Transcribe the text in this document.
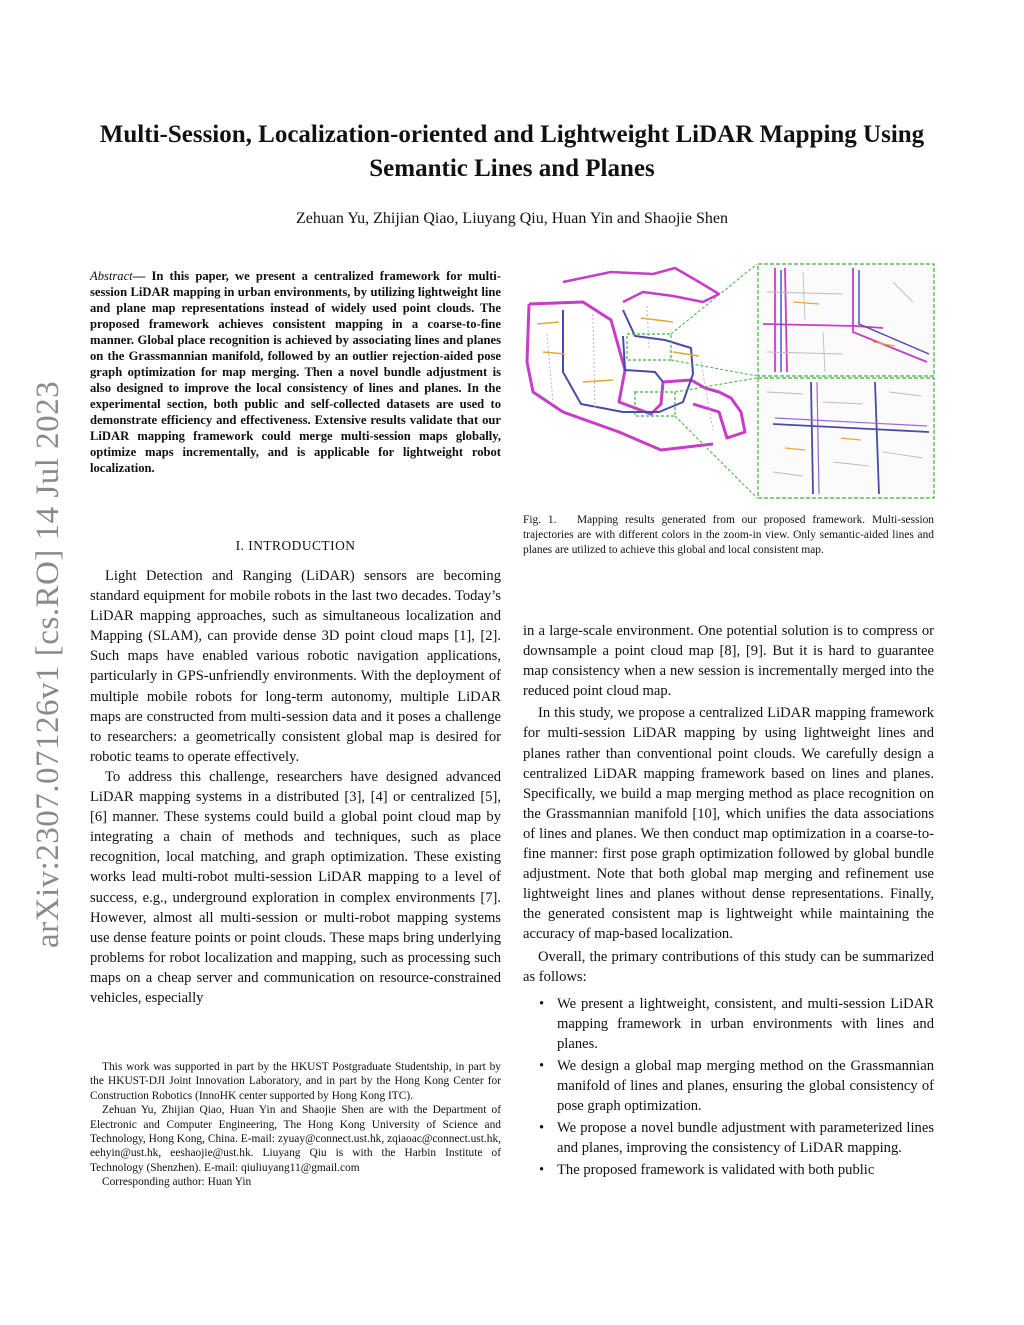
arXiv:2307.07126v1 [cs.RO] 14 Jul 2023
Multi-Session, Localization-oriented and Lightweight LiDAR Mapping Using Semantic Lines and Planes
Zehuan Yu, Zhijian Qiao, Liuyang Qiu, Huan Yin and Shaojie Shen

Abstract— In this paper, we present a centralized framework for multi-session LiDAR mapping in urban environments, by utilizing lightweight line and plane map representations instead of widely used point clouds. The proposed framework achieves consistent mapping in a coarse-to-fine manner. Global place recognition is achieved by associating lines and planes on the Grassmannian manifold, followed by an outlier rejection-aided pose graph optimization for map merging. Then a novel bundle adjustment is also designed to improve the local consistency of lines and planes. In the experimental section, both public and self-collected datasets are used to demonstrate efficiency and effectiveness. Extensive results validate that our LiDAR mapping framework could merge multi-session maps globally, optimize maps incrementally, and is applicable for lightweight robot localization.

I. INTRODUCTION

Light Detection and Ranging (LiDAR) sensors are becoming standard equipment for mobile robots in the last two decades. Today’s LiDAR mapping approaches, such as simultaneous localization and Mapping (SLAM), can provide dense 3D point cloud maps [1], [2]. Such maps have enabled various robotic navigation applications, particularly in GPS-unfriendly environments. With the deployment of multiple mobile robots for long-term autonomy, multiple LiDAR maps are constructed from multi-session data and it poses a challenge to researchers: a geometrically consistent global map is desired for robotic teams to operate effectively.

To address this challenge, researchers have designed advanced LiDAR mapping systems in a distributed [3], [4] or centralized [5], [6] manner. These systems could build a global point cloud map by integrating a chain of methods and techniques, such as place recognition, local matching, and graph optimization. These existing works lead multi-robot multi-session LiDAR mapping to a level of success, e.g., underground exploration in complex environments [7]. However, almost all multi-session or multi-robot mapping systems use dense feature points or point clouds. These maps bring underlying problems for robot localization and mapping, such as processing such maps on a cheap server and communication on resource-constrained vehicles, especially

This work was supported in part by the HKUST Postgraduate Studentship, in part by the HKUST-DJI Joint Innovation Laboratory, and in part by the Hong Kong Center for Construction Robotics (InnoHK center supported by Hong Kong ITC).

Zehuan Yu, Zhijian Qiao, Huan Yin and Shaojie Shen are with the Department of Electronic and Computer Engineering, The Hong Kong University of Science and Technology, Hong Kong, China. E-mail: zyuay@connect.ust.hk, zqiaoac@connect.ust.hk, eehyin@ust.hk, eeshaojie@ust.hk. Liuyang Qiu is with the Harbin Institute of Technology (Shenzhen). E-mail: qiuliuyang11@gmail.com

Corresponding author: Huan Yin

Fig. 1. Mapping results generated from our proposed framework. Multi-session trajectories are with different colors in the zoom-in view. Only semantic-aided lines and planes are utilized to achieve this global and local consistent map.

in a large-scale environment. One potential solution is to compress or downsample a point cloud map [8], [9]. But it is hard to guarantee map consistency when a new session is incrementally merged into the reduced point cloud map.

In this study, we propose a centralized LiDAR mapping framework for multi-session LiDAR mapping by using lightweight lines and planes rather than conventional point clouds. We carefully design a centralized LiDAR mapping framework based on lines and planes. Specifically, we build a map merging method as place recognition on the Grassmannian manifold [10], which unifies the data associations of lines and planes. We then conduct map optimization in a coarse-to-fine manner: first pose graph optimization followed by global bundle adjustment. Note that both global map merging and refinement use lightweight lines and planes without dense representations. Finally, the generated consistent map is lightweight while maintaining the accuracy of map-based localization.

Overall, the primary contributions of this study can be summarized as follows:

• We present a lightweight, consistent, and multi-session LiDAR mapping framework in urban environments with lines and planes.
• We design a global map merging method on the Grassmannian manifold of lines and planes, ensuring the global consistency of pose graph optimization.
• We propose a novel bundle adjustment with parameterized lines and planes, improving the consistency of LiDAR mapping.
• The proposed framework is validated with both public
